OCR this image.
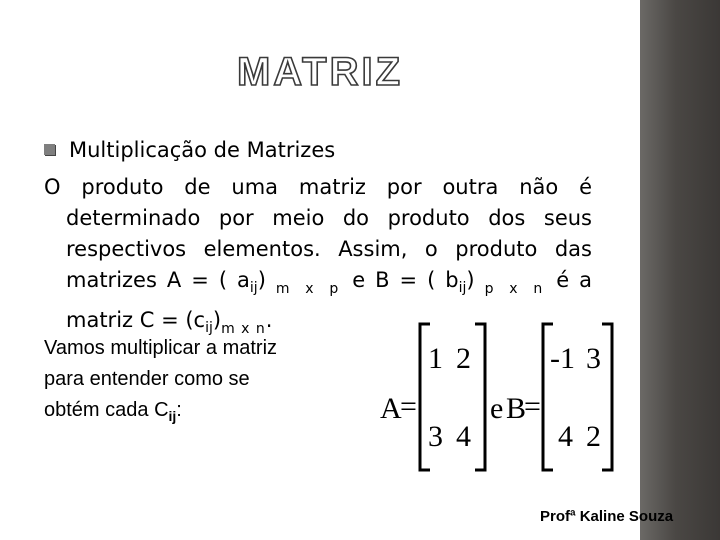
MATRIZ
Multiplicação de Matrizes
O produto de uma matriz por outra não é
determinado por meio do produto dos seus
respectivos elementos. Assim, o produto das
matrizes A = ( $a_{ij}$) $_{m x p}$ e B = ( $b_{ij}$) $_{p x n}$ é a
matriz $C = (c_{ij})_{m x n}$.
Vamos multiplicar a matriz
para entender como se
obtém cada $C_{ij}$:	A
=
1 2
3 4
e B
=
-1 3
4 2
Profª Kaline Souza
